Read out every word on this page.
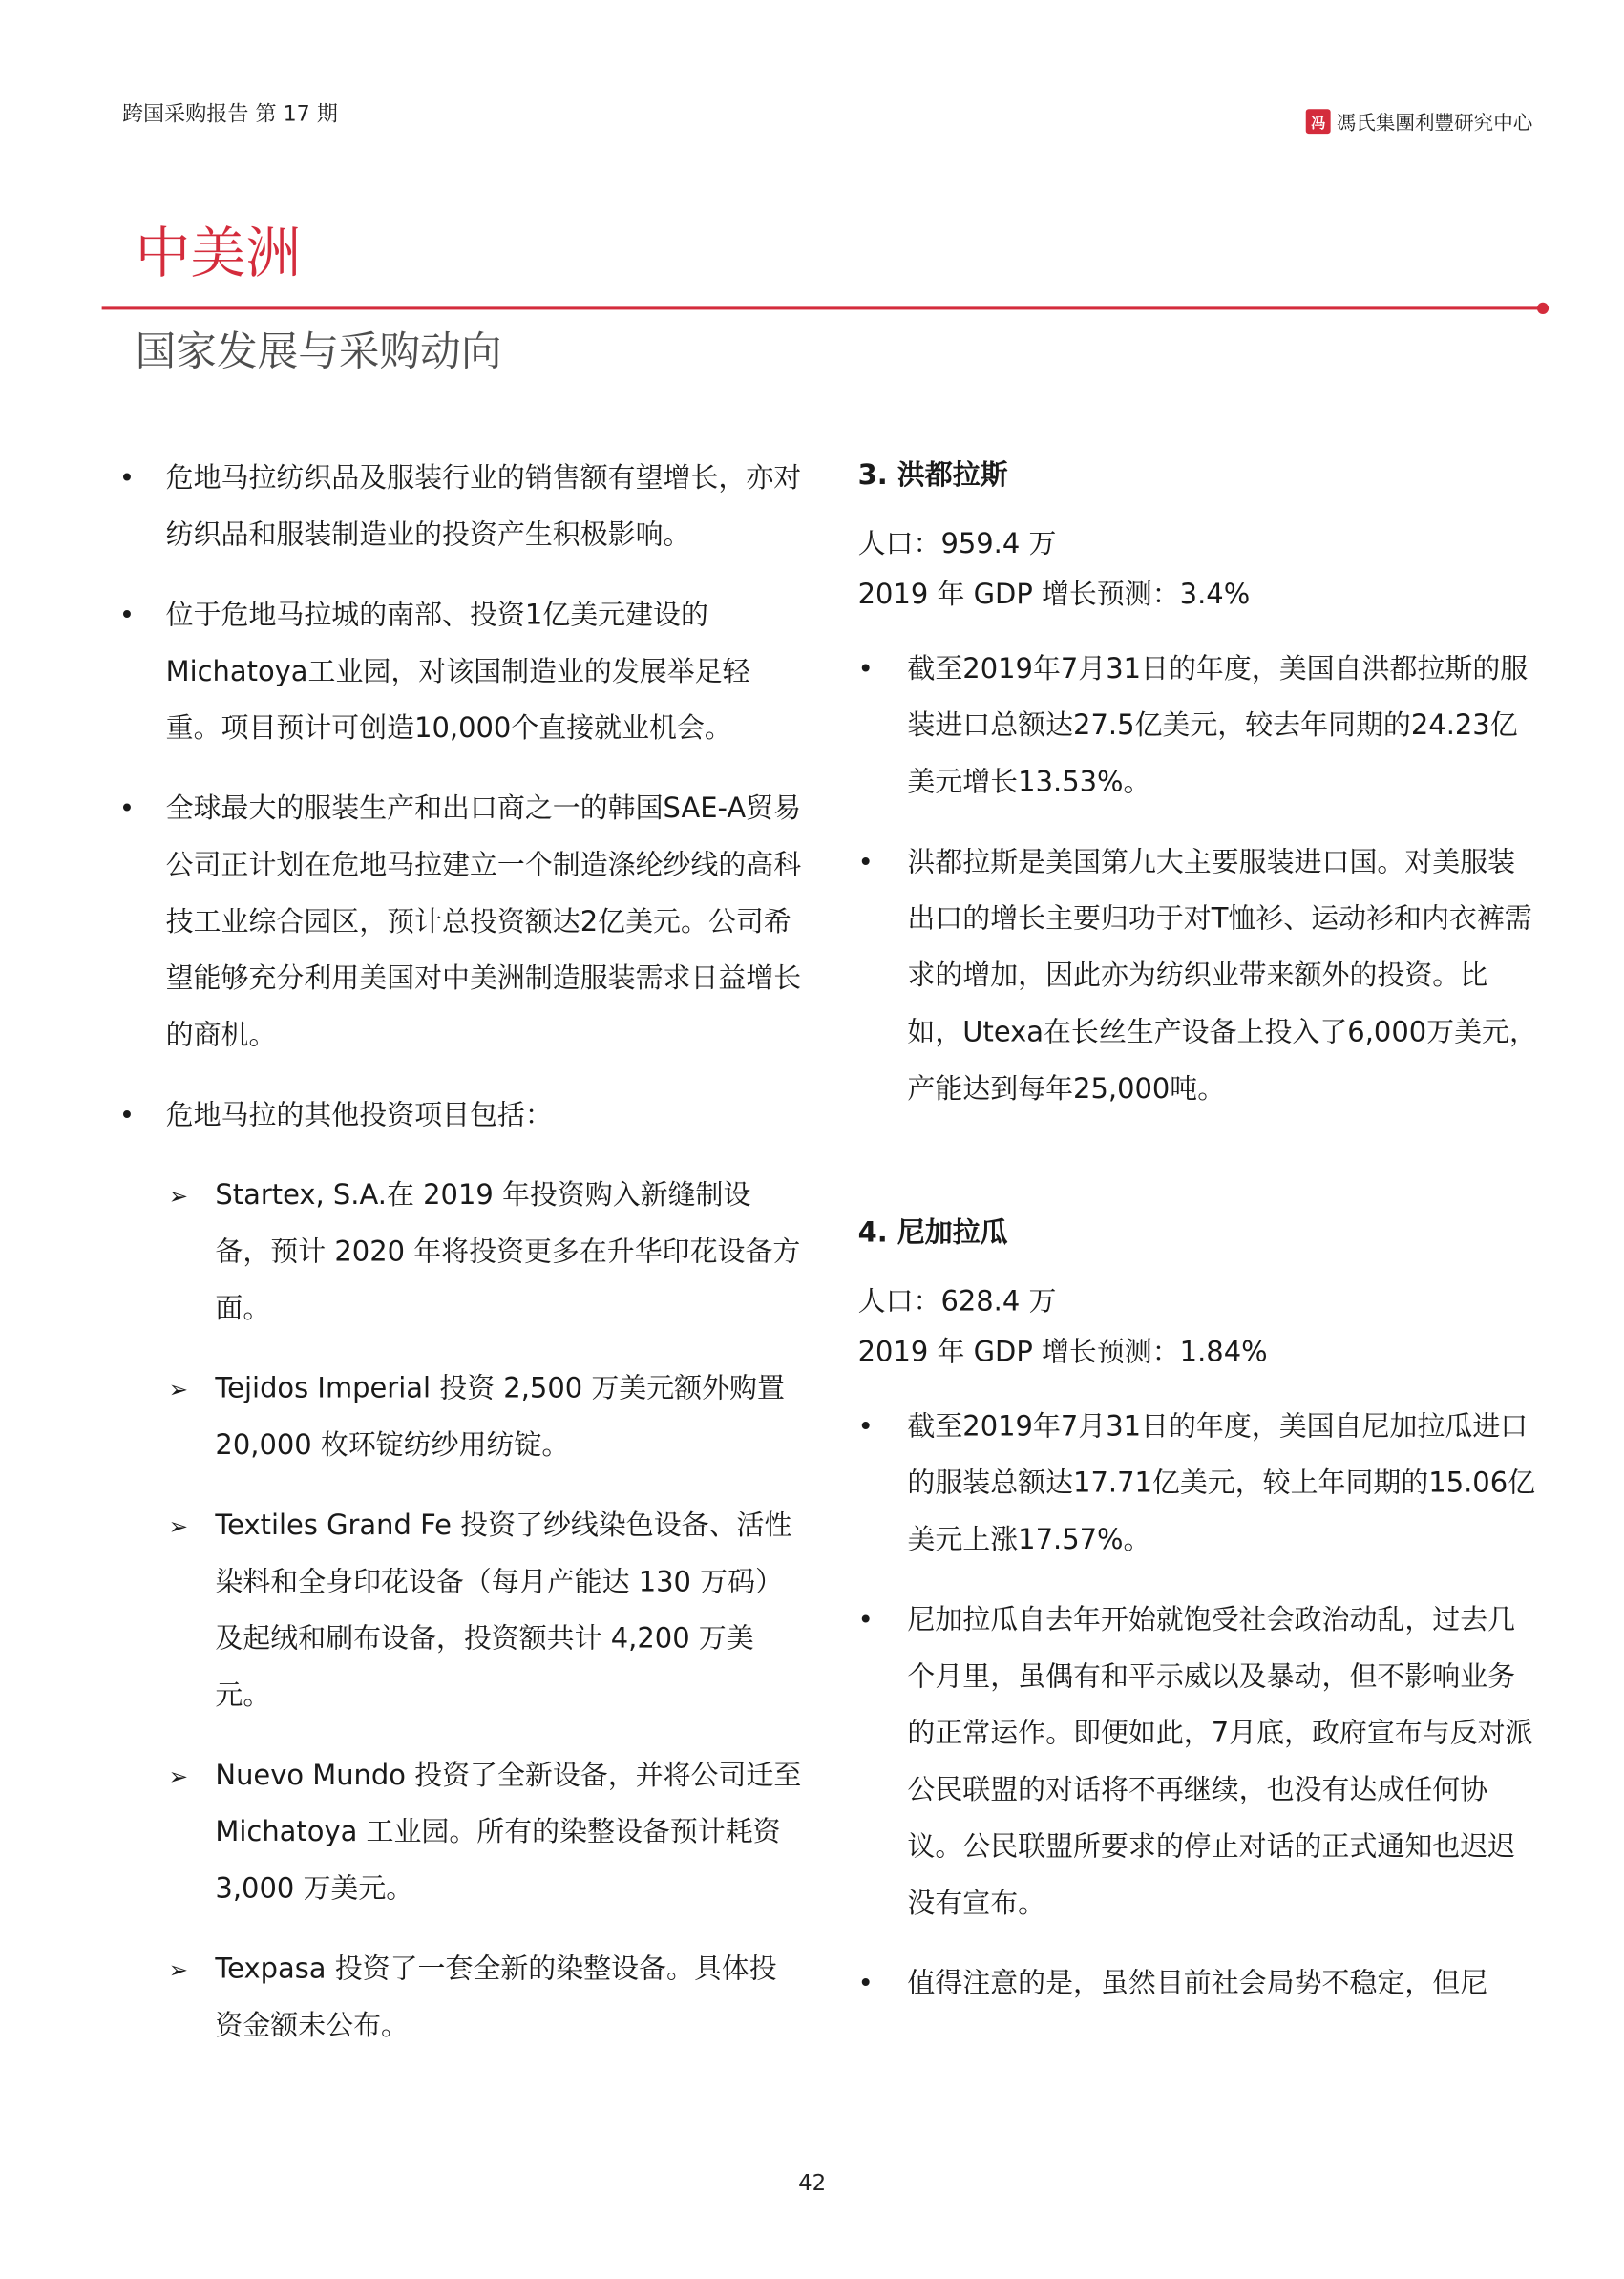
跨国采购报告 第 17 期	冯 馮氏集團利豐研究中心
中美洲
国家发展与采购动向
• 危地马拉纺织品及服装行业的销售额有望增长，亦对纺织品和服装制造业的投资产生积极影响。
• 位于危地马拉城的南部、投资1亿美元建设的Michatoya工业园，对该国制造业的发展举足轻重。项目预计可创造10,000个直接就业机会。
• 全球最大的服装生产和出口商之一的韩国SAE-A贸易公司正计划在危地马拉建立一个制造涤纶纱线的高科技工业综合园区，预计总投资额达2亿美元。公司希望能够充分利用美国对中美洲制造服装需求日益增长的商机。
• 危地马拉的其他投资项目包括：
➢ Startex, S.A.在 2019 年投资购入新缝制设备，预计 2020 年将投资更多在升华印花设备方面。
➢ Tejidos Imperial 投资 2,500 万美元额外购置 20,000 枚环锭纺纱用纺锭。
➢ Textiles Grand Fe 投资了纱线染色设备、活性染料和全身印花设备（每月产能达 130 万码）及起绒和刷布设备，投资额共计 4,200 万美元。
➢ Nuevo Mundo 投资了全新设备，并将公司迁至 Michatoya 工业园。所有的染整设备预计耗资 3,000 万美元。
➢ Texpasa 投资了一套全新的染整设备。具体投资金额未公布。
3. 洪都拉斯
人口：959.4 万
2019 年 GDP 增长预测：3.4%
• 截至2019年7月31日的年度，美国自洪都拉斯的服装进口总额达27.5亿美元，较去年同期的24.23亿美元增长13.53%。
• 洪都拉斯是美国第九大主要服装进口国。对美服装出口的增长主要归功于对T恤衫、运动衫和内衣裤需求的增加，因此亦为纺织业带来额外的投资。比如，Utexa在长丝生产设备上投入了6,000万美元，产能达到每年25,000吨。
4. 尼加拉瓜
人口：628.4 万
2019 年 GDP 增长预测：1.84%
• 截至2019年7月31日的年度，美国自尼加拉瓜进口的服装总额达17.71亿美元，较上年同期的15.06亿美元上涨17.57%。
• 尼加拉瓜自去年开始就饱受社会政治动乱，过去几个月里，虽偶有和平示威以及暴动，但不影响业务的正常运作。即便如此，7月底，政府宣布与反对派公民联盟的对话将不再继续，也没有达成任何协议。公民联盟所要求的停止对话的正式通知也迟迟没有宣布。
• 值得注意的是，虽然目前社会局势不稳定，但尼
42
